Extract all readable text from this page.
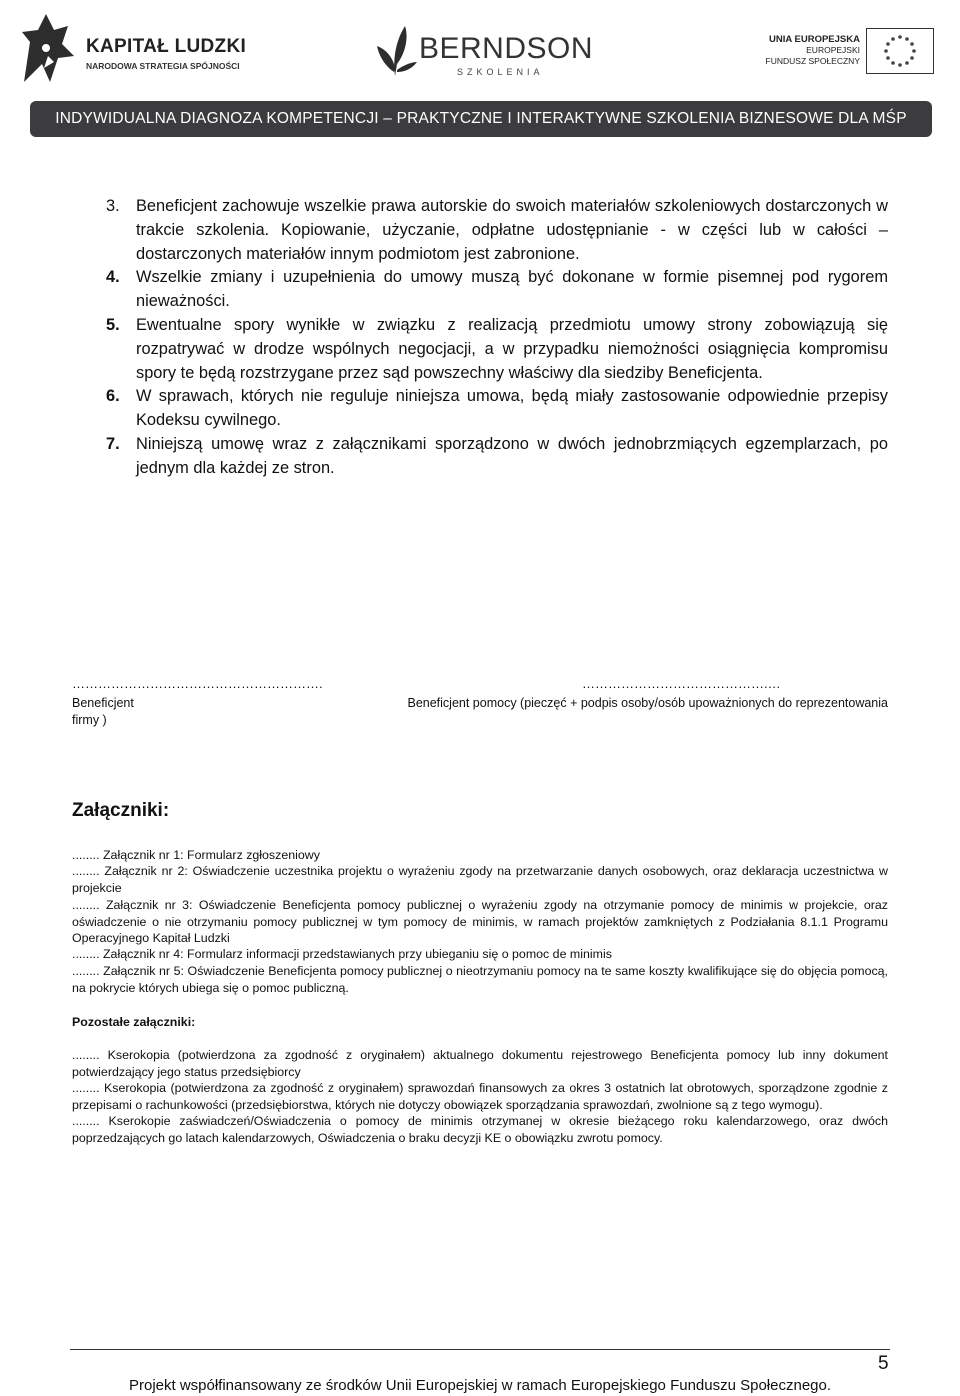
KAPITAŁ LUDZKI
NARODOWA STRATEGIA SPÓJNOŚCI
BERNDSON
SZKOLENIA
UNIA EUROPEJSKA
EUROPEJSKI
FUNDUSZ SPOŁECZNY
INDYWIDUALNA DIAGNOZA KOMPETENCJI – PRAKTYCZNE I INTERAKTYWNE SZKOLENIA BIZNESOWE DLA MŚP
3. Beneficjent zachowuje wszelkie prawa autorskie do swoich materiałów szkoleniowych dostarczonych w trakcie szkolenia. Kopiowanie, użyczanie, odpłatne udostępnianie - w części lub w całości – dostarczonych materiałów innym podmiotom jest zabronione.
4. Wszelkie zmiany i uzupełnienia do umowy muszą być dokonane w formie pisemnej pod rygorem nieważności.
5. Ewentualne spory wynikłe w związku z realizacją przedmiotu umowy strony zobowiązują się rozpatrywać w drodze wspólnych negocjacji, a w przypadku niemożności osiągnięcia kompromisu spory te będą rozstrzygane przez sąd powszechny właściwy dla siedziby Beneficjenta.
6. W sprawach, których nie reguluje niniejsza umowa, będą miały zastosowanie odpowiednie przepisy Kodeksu cywilnego.
7. Niniejszą umowę wraz z załącznikami sporządzono w dwóch jednobrzmiących egzemplarzach, po jednym dla każdej ze stron.
………………………………………………….	…………………………………….…
Beneficjent	Beneficjent pomocy (pieczęć + podpis osoby/osób upoważnionych do reprezentowania
firmy )
Załączniki:
........ Załącznik nr 1: Formularz zgłoszeniowy
........ Załącznik nr 2: Oświadczenie uczestnika projektu o wyrażeniu zgody na przetwarzanie danych osobowych, oraz deklaracja uczestnictwa w projekcie
........ Załącznik nr 3: Oświadczenie Beneficjenta pomocy publicznej o wyrażeniu zgody na otrzymanie pomocy de minimis w projekcie, oraz oświadczenie o nie otrzymaniu pomocy publicznej w tym pomocy de minimis, w ramach projektów zamkniętych z Podziałania 8.1.1 Programu Operacyjnego Kapitał Ludzki
........ Załącznik nr 4: Formularz informacji przedstawianych przy ubieganiu się o pomoc de minimis
........ Załącznik nr 5: Oświadczenie Beneficjenta pomocy publicznej o nieotrzymaniu pomocy na te same koszty kwalifikujące się do objęcia pomocą, na pokrycie których ubiega się o pomoc publiczną.
Pozostałe załączniki:
........ Kserokopia (potwierdzona za zgodność z oryginałem) aktualnego dokumentu rejestrowego Beneficjenta pomocy lub inny dokument potwierdzający jego status przedsiębiorcy
........ Kserokopia (potwierdzona za zgodność z oryginałem) sprawozdań finansowych za okres 3 ostatnich lat obrotowych, sporządzone zgodnie z przepisami o rachunkowości (przedsiębiorstwa, których nie dotyczy obowiązek sporządzania sprawozdań, zwolnione są z tego wymogu).
........ Kserokopie zaświadczeń/Oświadczenia o pomocy de minimis otrzymanej w okresie bieżącego roku kalendarzowego, oraz dwóch poprzedzających go latach kalendarzowych, Oświadczenia o braku decyzji KE o obowiązku zwrotu pomocy.
5
Projekt współfinansowany ze środków Unii Europejskiej w ramach Europejskiego Funduszu Społecznego.
